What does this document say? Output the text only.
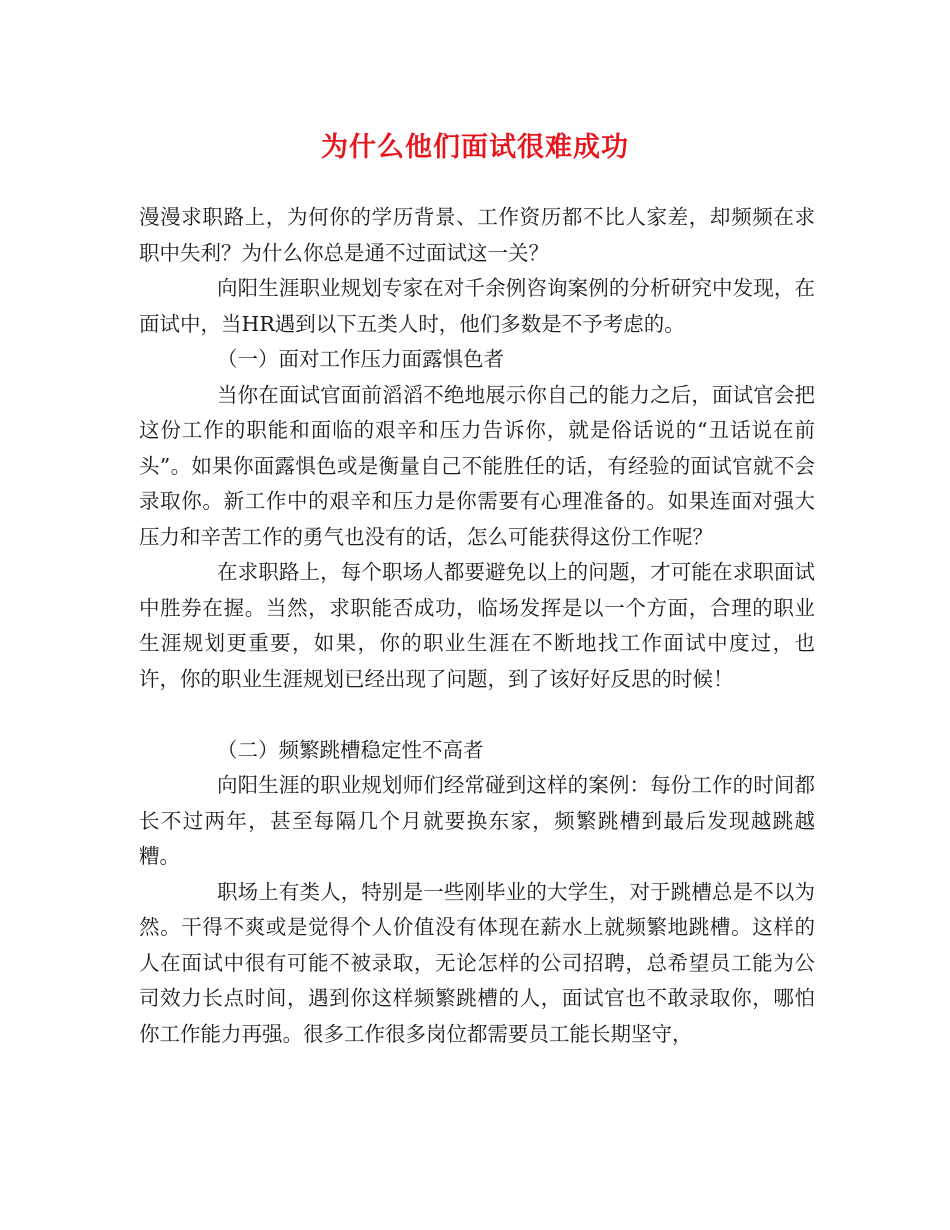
为什么他们面试很难成功

漫漫求职路上，为何你的学历背景、工作资历都不比人家差，却频频在求职中失利？为什么你总是通不过面试这一关？

向阳生涯职业规划专家在对千余例咨询案例的分析研究中发现，在面试中，当HR遇到以下五类人时，他们多数是不予考虑的。

（一）面对工作压力面露惧色者

当你在面试官面前滔滔不绝地展示你自己的能力之后，面试官会把这份工作的职能和面临的艰辛和压力告诉你，就是俗话说的“丑话说在前头”。如果你面露惧色或是衡量自己不能胜任的话，有经验的面试官就不会录取你。新工作中的艰辛和压力是你需要有心理准备的。如果连面对强大压力和辛苦工作的勇气也没有的话，怎么可能获得这份工作呢？

在求职路上，每个职场人都要避免以上的问题，才可能在求职面试中胜券在握。当然，求职能否成功，临场发挥是以一个方面，合理的职业生涯规划更重要，如果，你的职业生涯在不断地找工作面试中度过，也许，你的职业生涯规划已经出现了问题，到了该好好反思的时候！

（二）频繁跳槽稳定性不高者

向阳生涯的职业规划师们经常碰到这样的案例：每份工作的时间都长不过两年，甚至每隔几个月就要换东家，频繁跳槽到最后发现越跳越糟。

职场上有类人，特别是一些刚毕业的大学生，对于跳槽总是不以为然。干得不爽或是觉得个人价值没有体现在薪水上就频繁地跳槽。这样的人在面试中很有可能不被录取，无论怎样的公司招聘，总希望员工能为公司效力长点时间，遇到你这样频繁跳槽的人，面试官也不敢录取你，哪怕你工作能力再强。很多工作很多岗位都需要员工能长期坚守，
